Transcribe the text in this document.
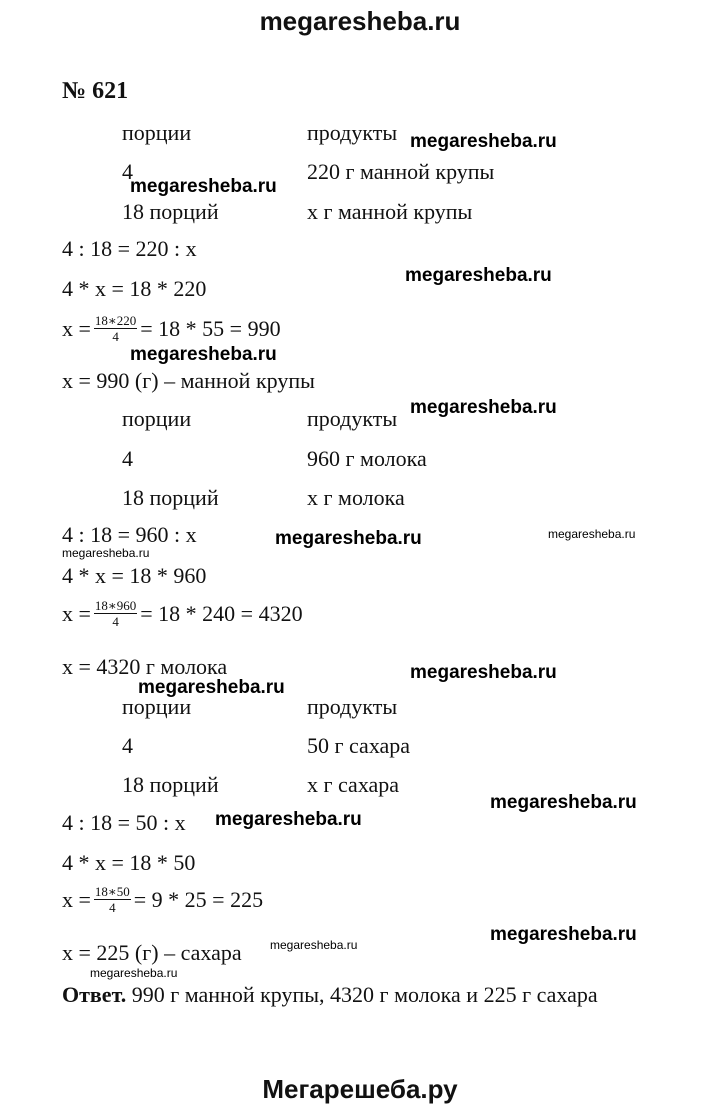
megaresheba.ru
№ 621
порции	продукты
4	220 г манной крупы
18 порций	x г манной крупы
4 : 18 = 220 : x
4 * x = 18 * 220
$x = \frac{18∗220}{4} = 18 * 55 = 990$
x = 990 (г) – манной крупы
порции	продукты
4	960 г молока
18 порций	x г молока
4 : 18 = 960 : x
4 * x = 18 * 960
$x = \frac{18∗960}{4} = 18 * 240 = 4320$
x = 4320 г молока
порции	продукты
4	50 г сахара
18 порций	x г сахара
4 : 18 = 50 : x
4 * x = 18 * 50
$x = \frac{18∗50}{4} = 9 * 25 = 225$
x = 225 (г) – сахара
Ответ. 990 г манной крупы, 4320 г молока и 225 г сахара
megaresheba.ru
megaresheba.ru
megaresheba.ru
megaresheba.ru
megaresheba.ru
megaresheba.ru	megaresheba.ru
megaresheba.ru
megaresheba.ru
megaresheba.ru
megaresheba.ru
megaresheba.ru
megaresheba.ru	megaresheba.ru
megaresheba.ru
Мегарешеба.ру
